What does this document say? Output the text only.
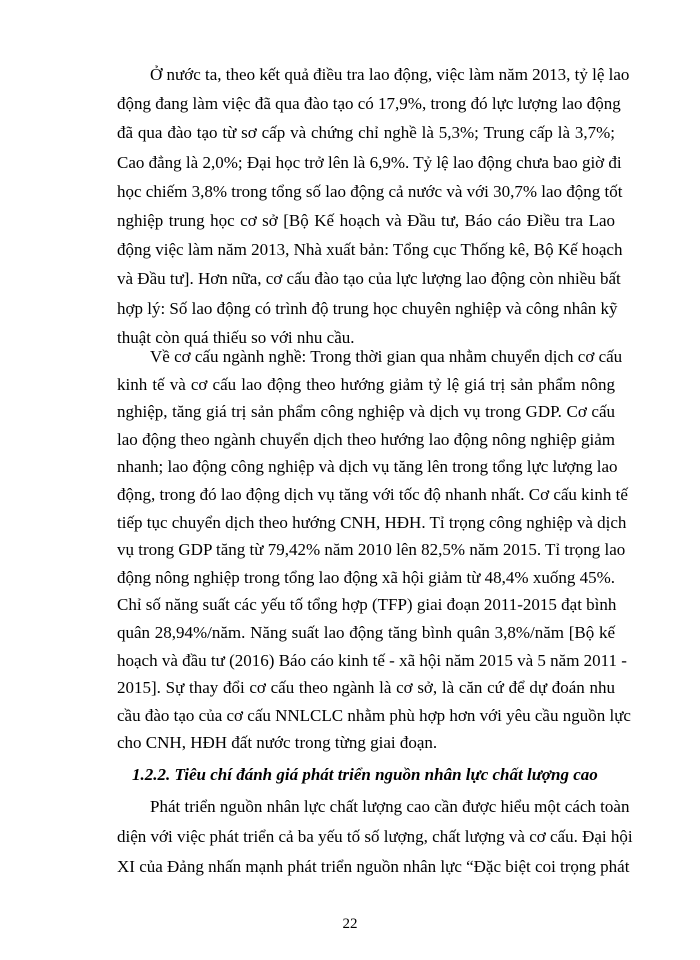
Ở nước ta, theo kết quả điều tra lao động, việc làm năm 2013, tỷ lệ lao
động đang làm việc đã qua đào tạo có 17,9%, trong đó lực lượng lao động
đã qua đào tạo từ sơ cấp và chứng chỉ nghề là 5,3%; Trung cấp là 3,7%;
Cao đẳng là 2,0%; Đại học trở lên là 6,9%. Tỷ lệ lao động chưa bao giờ đi
học chiếm 3,8% trong tổng số lao động cả nước và với 30,7% lao động tốt
nghiệp trung học cơ sở [Bộ Kế hoạch và Đầu tư, Báo cáo Điều tra Lao
động việc làm năm 2013, Nhà xuất bản: Tổng cục Thống kê, Bộ Kế hoạch
và Đầu tư]. Hơn nữa, cơ cấu đào tạo của lực lượng lao động còn nhiều bất
hợp lý: Số lao động có trình độ trung học chuyên nghiệp và công nhân kỹ
thuật còn quá thiếu so với nhu cầu.
Về cơ cấu ngành nghề: Trong thời gian qua nhằm chuyển dịch cơ cấu
kinh tế và cơ cấu lao động theo hướng giảm tỷ lệ giá trị sản phẩm nông
nghiệp, tăng giá trị sản phẩm công nghiệp và dịch vụ trong GDP. Cơ cấu
lao động theo ngành chuyển dịch theo hướng lao động nông nghiệp giảm
nhanh; lao động công nghiệp và dịch vụ tăng lên trong tổng lực lượng lao
động, trong đó lao động dịch vụ tăng với tốc độ nhanh nhất. Cơ cấu kinh tế
tiếp tục chuyển dịch theo hướng CNH, HĐH. Tỉ trọng công nghiệp và dịch
vụ trong GDP tăng từ 79,42% năm 2010 lên 82,5% năm 2015. Tỉ trọng lao
động nông nghiệp trong tổng lao động xã hội giảm từ 48,4% xuống 45%.
Chỉ số năng suất các yếu tố tổng hợp (TFP) giai đoạn 2011-2015 đạt bình
quân 28,94%/năm. Năng suất lao động tăng bình quân 3,8%/năm [Bộ kế
hoạch và đầu tư (2016) Báo cáo kinh tế - xã hội năm 2015 và 5 năm 2011 -
2015]. Sự thay đổi cơ cấu theo ngành là cơ sở, là căn cứ để dự đoán nhu
cầu đào tạo của cơ cấu NNLCLC nhằm phù hợp hơn với yêu cầu nguồn lực
cho CNH, HĐH đất nước trong từng giai đoạn.
1.2.2. Tiêu chí đánh giá phát triển nguồn nhân lực chất lượng cao
Phát triển nguồn nhân lực chất lượng cao cần được hiểu một cách toàn
diện với việc phát triển cả ba yếu tố số lượng, chất lượng và cơ cấu. Đại hội
XI của Đảng nhấn mạnh phát triển nguồn nhân lực “Đặc biệt coi trọng phát
22
